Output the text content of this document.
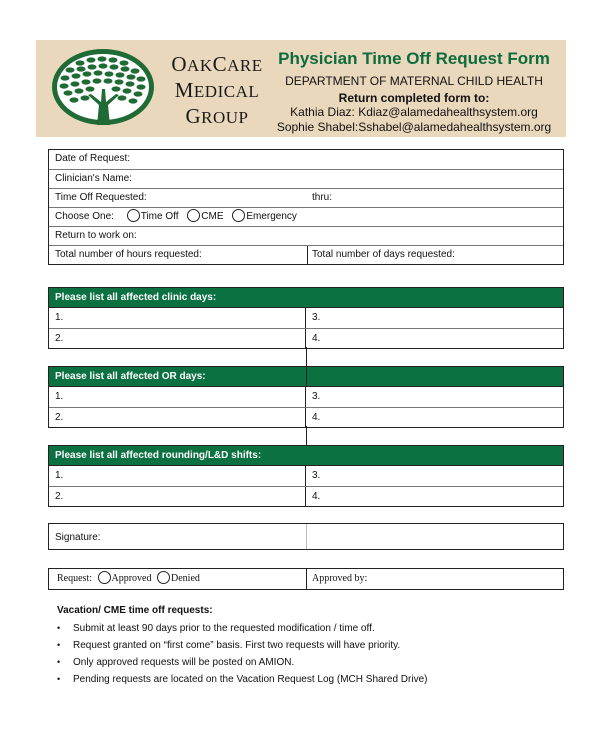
OAKCARE
MEDICAL
GROUP
Physician Time Off Request Form
DEPARTMENT OF MATERNAL CHILD HEALTH
Return completed form to:
Kathia Diaz: Kdiaz@alamedahealthsystem.org
Sophie Shabel:Sshabel@alamedahealthsystem.org
Date of Request:
Clinician's Name:
Time Off Requested:	thru:
Choose One:	Time Off CME Emergency
Return to work on:
Total number of hours requested:	Total number of days requested:
Please list all affected clinic days:
1.	3.
2.	4.
Please list all affected OR days:
1.	3.
2.	4.
Please list all affected rounding/L&D shifts:
1.	3.
2.	4.
Signature:
Request: Approved Denied	Approved by:
Vacation/ CME time off requests:
• Submit at least 90 days prior to the requested modification / time off.
• Request granted on “first come” basis. First two requests will have priority.
• Only approved requests will be posted on AMION.
• Pending requests are located on the Vacation Request Log (MCH Shared Drive)
